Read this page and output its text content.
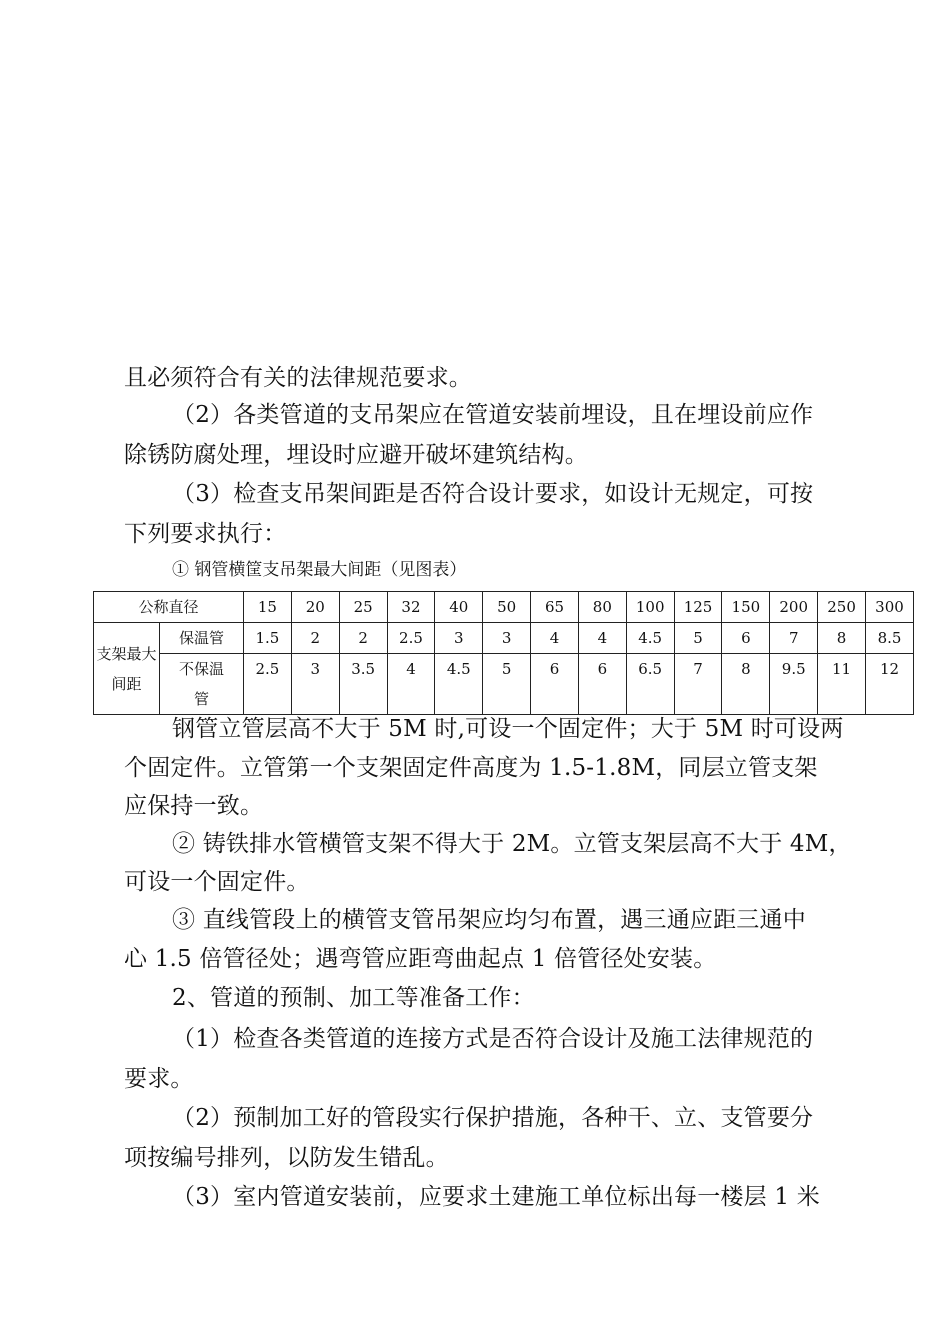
且必须符合有关的法律规范要求。
（2）各类管道的支吊架应在管道安装前埋设，且在埋设前应作
除锈防腐处理，埋设时应避开破坏建筑结构。
（3）检查支吊架间距是否符合设计要求，如设计无规定，可按
下列要求执行：
① 钢管横筐支吊架最大间距（见图表）
公称直径		15	20	25	32	40	50	65	80	100	125	150	200	250	300

支架最大间距	保温管	1.5	2	2	2.5	3	3	4	4	4.5	5	6	7	8	8.5

	不保温管	2.5	3	3.5	4	4.5	5	6	6	6.5	7	8	9.5	11	12
钢管立管层高不大于 5M 时,可设一个固定件；大于 5M 时可设两
个固定件。立管第一个支架固定件高度为 1.5-1.8M，同层立管支架
应保持一致。
② 铸铁排水管横管支架不得大于 2M。立管支架层高不大于 4M，
可设一个固定件。
③ 直线管段上的横管支管吊架应均匀布置，遇三通应距三通中
心 1.5 倍管径处；遇弯管应距弯曲起点 1 倍管径处安装。
2、管道的预制、加工等准备工作：
（1）检查各类管道的连接方式是否符合设计及施工法律规范的
要求。
（2）预制加工好的管段实行保护措施，各种干、立、支管要分
项按编号排列，以防发生错乱。
（3）室内管道安装前，应要求土建施工单位标出每一楼层 1 米
